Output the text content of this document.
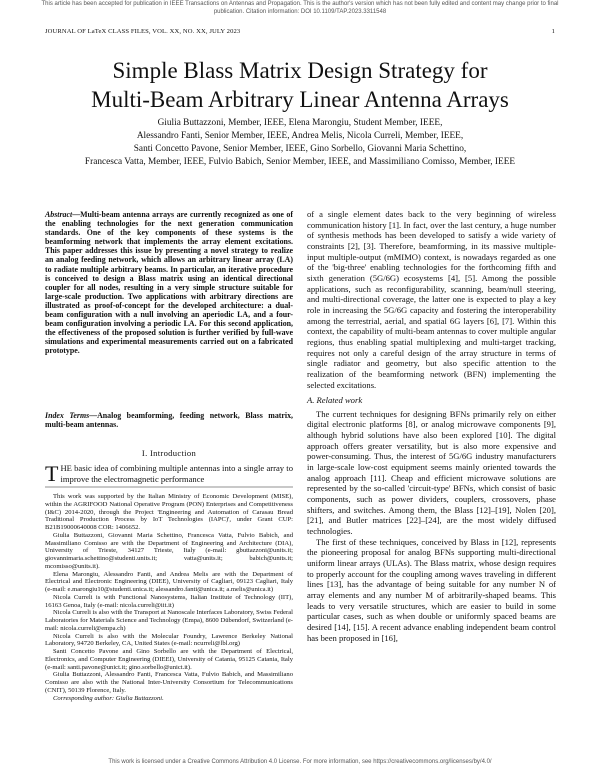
This article has been accepted for publication in IEEE Transactions on Antennas and Propagation. This is the author's version which has not been fully edited and content may change prior to final publication. Citation information: DOI 10.1109/TAP.2023.3311548
JOURNAL OF LaTeX CLASS FILES, VOL. XX, NO. XX, JULY 2023	1
Simple Blass Matrix Design Strategy for
Multi-Beam Arbitrary Linear Antenna Arrays
Giulia Buttazzoni, Member, IEEE, Elena Marongiu, Student Member, IEEE,
Alessandro Fanti, Senior Member, IEEE, Andrea Melis, Nicola Curreli, Member, IEEE,
Santi Concetto Pavone, Senior Member, IEEE, Gino Sorbello, Giovanni Maria Schettino,
Francesca Vatta, Member, IEEE, Fulvio Babich, Senior Member, IEEE, and Massimiliano Comisso, Member, IEEE
Abstract—Multi-beam antenna arrays are currently recognized as one of the enabling technologies for the next generation communication standards. One of the key components of these systems is the beamforming network that implements the array element excitations. This paper addresses this issue by presenting a novel strategy to realize an analog feeding network, which allows an arbitrary linear array (LA) to radiate multiple arbitrary beams. In particular, an iterative procedure is conceived to design a Blass matrix using an identical directional coupler for all nodes, resulting in a very simple structure suitable for large-scale production. Two applications with arbitrary directions are illustrated as proof-of-concept for the developed architecture: a dual-beam configuration with a null involving an aperiodic LA, and a four-beam configuration involving a periodic LA. For this second application, the effectiveness of the proposed solution is further verified by full-wave simulations and experimental measurements carried out on a fabricated prototype.
Index Terms—Analog beamforming, feeding network, Blass matrix, multi-beam antennas.
I. Introduction
THE basic idea of combining multiple antennas into a single array to improve the electromagnetic performance

This work was supported by the Italian Ministry of Economic Development (MISE), within the AGRIFOOD National Operative Program (PON) Enterprises and Competitiveness (I&C) 2014-2020, through the Project 'Engineering and Automation of Carasau Bread Traditional Production Process by IoT Technologies (IAPC)', under Grant CUP: B21B19000640008 COR: 1406652.

Giulia Buttazzoni, Giovanni Maria Schettino, Francesca Vatta, Fulvio Babich, and Massimiliano Comisso are with the Department of Engineering and Architecture (DIA), University of Trieste, 34127 Trieste, Italy (e-mail: gbuttazzoni@units.it; giovannimaria.schettino@studenti.units.it; vatta@units.it; babich@units.it; mcomisso@units.it).

Elena Marongiu, Alessandro Fanti, and Andrea Melis are with the Department of Electrical and Electronic Engineering (DIEE), University of Cagliari, 09123 Cagliari, Italy (e-mail: e.marongiu10@studenti.unica.it; alessandro.fanti@unica.it; a.melis@unica.it)

Nicola Curreli is with Functional Nanosystems, Italian Institute of Technology (IIT), 16163 Genoa, Italy (e-mail: nicola.curreli@iit.it)

Nicola Curreli is also with the Transport at Nanoscale Interfaces Laboratory, Swiss Federal Laboratories for Materials Science and Technology (Empa), 8600 Dübendorf, Switzerland (e-mail: nicola.curreli@empa.ch)

Nicola Curreli is also with the Molecular Foundry, Lawrence Berkeley National Laboratory, 94720 Berkeley, CA, United States (e-mail: ncurreli@lbl.org)

Santi Concetto Pavone and Gino Sorbello are with the Department of Electrical, Electronics, and Computer Engineering (DIEEI), University of Catania, 95125 Catania, Italy (e-mail: santi.pavone@unict.it; gino.sorbello@unict.it).

Giulia Buttazzoni, Alessandro Fanti, Francesca Vatta, Fulvio Babich, and Massimiliano Comisso are also with the National Inter-University Consortium for Telecommunications (CNIT), 50139 Florence, Italy.

Corresponding author: Giulia Buttazzoni.

of a single element dates back to the very beginning of wireless communication history [1]. In fact, over the last century, a huge number of synthesis methods has been developed to satisfy a wide variety of constraints [2], [3]. Therefore, beamforming, in its massive multiple-input multiple-output (mMIMO) context, is nowadays regarded as one of the 'big-three' enabling technologies for the forthcoming fifth and sixth generation (5G/6G) ecosystems [4], [5]. Among the possible applications, such as reconfigurability, scanning, beam/null steering, and multi-directional coverage, the latter one is expected to play a key role in increasing the 5G/6G capacity and fostering the interoperability among the terrestrial, aerial, and spatial 6G layers [6], [7]. Within this context, the capability of multi-beam antennas to cover multiple angular regions, thus enabling spatial multiplexing and multi-target tracking, requires not only a careful design of the array structure in terms of single radiator and geometry, but also specific attention to the realization of the beamforming network (BFN) implementing the selected excitations.

A. Related work

The current techniques for designing BFNs primarily rely on either digital electronic platforms [8], or analog microwave components [9], although hybrid solutions have also been explored [10]. The digital approach offers greater versatility, but is also more expensive and power-consuming. Thus, the interest of 5G/6G industry manufacturers in large-scale low-cost equipment seems mainly oriented towards the analog approach [11]. Cheap and efficient microwave solutions are represented by the so-called 'circuit-type' BFNs, which consist of basic components, such as power dividers, couplers, crossovers, phase shifters, and switches. Among them, the Blass [12]–[19], Nolen [20], [21], and Butler matrices [22]–[24], are the most widely diffused technologies.

The first of these techniques, conceived by Blass in [12], represents the pioneering proposal for analog BFNs supporting multi-directional uniform linear arrays (ULAs). The Blass matrix, whose design requires to properly account for the coupling among waves traveling in different lines [13], has the advantage of being suitable for any number N of array elements and any number M of arbitrarily-shaped beams. This leads to very versatile structures, which are easier to build in some particular cases, such as when double or uniformly spaced beams are desired [14], [15]. A recent advance enabling independent beam control has been proposed in [16],

This work is licensed under a Creative Commons Attribution 4.0 License. For more information, see https://creativecommons.org/licenses/by/4.0/
